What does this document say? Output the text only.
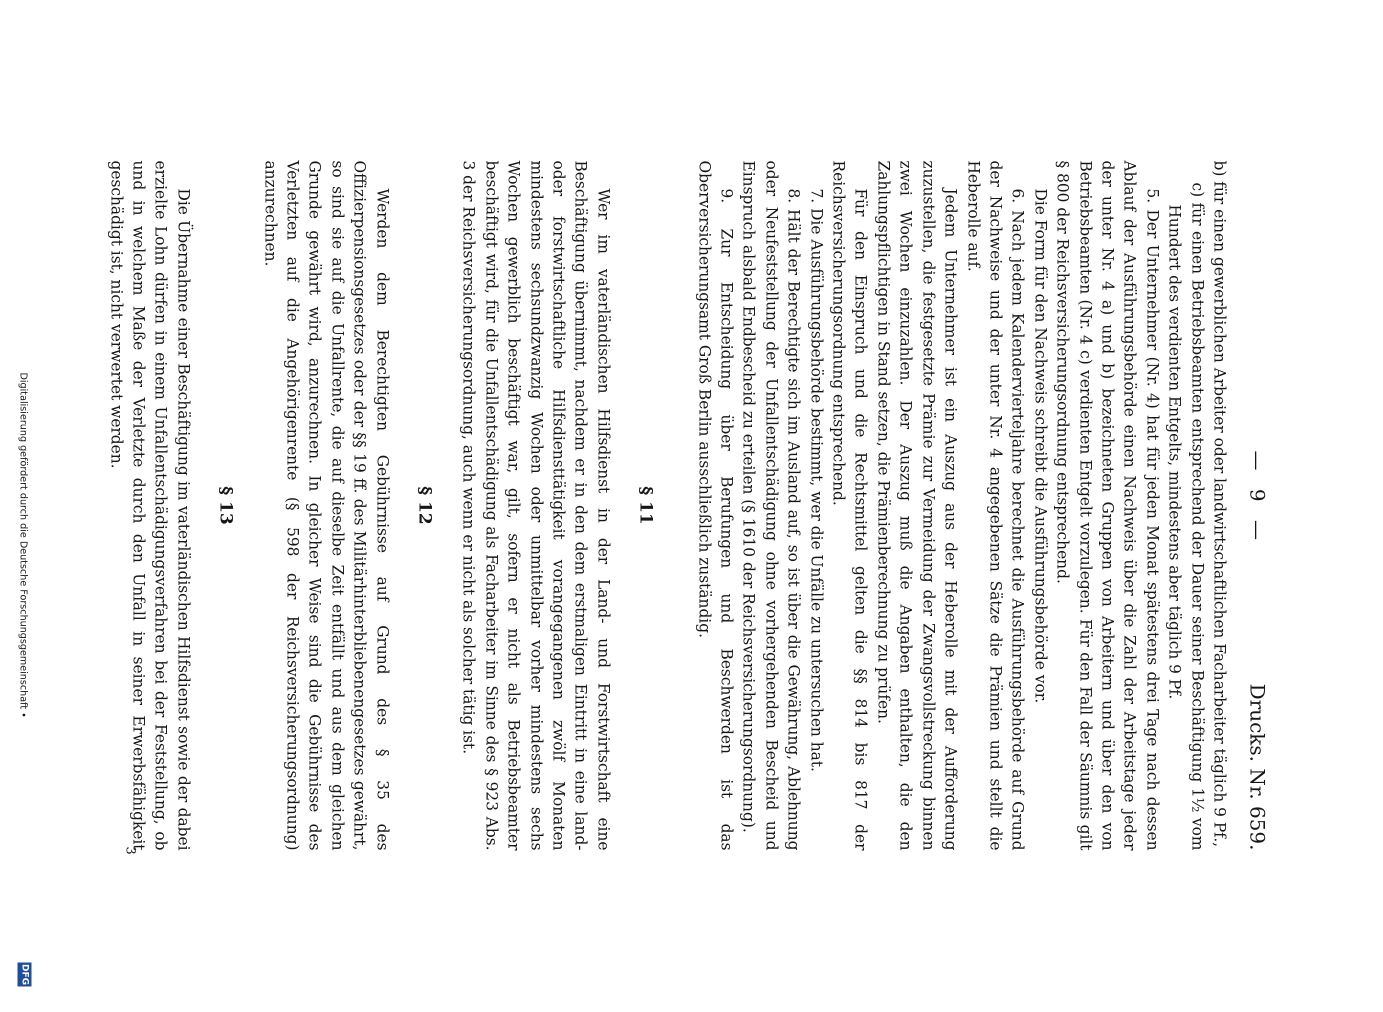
— 9 —
Drucks. Nr. 659.

b) für einen gewerblichen Arbeiter oder landwirtschaftlichen Facharbeiter täglich 9 Pf.,

c) für einen Betriebsbeamten entsprechend der Dauer seiner Beschäftigung 1½ vom Hundert des verdienten Entgelts, mindestens aber täglich 9 Pf.

5. Der Unternehmer (Nr. 4) hat für jeden Monat spätestens drei Tage nach dessen Ablauf der Ausführungsbehörde einen Nachweis über die Zahl der Arbeitstage jeder der unter Nr. 4 a) und b) bezeichneten Gruppen von Arbeitern und über den von Betriebsbeamten (Nr. 4 c) verdienten Entgelt vorzulegen. Für den Fall der Säumnis gilt § 800 der Reichsversicherungsordnung entsprechend.

Die Form für den Nachweis schreibt die Ausführungsbehörde vor.

6. Nach jedem Kalendervierteljahre berechnet die Ausführungsbehörde auf Grund der Nachweise und der unter Nr. 4 angegebenen Sätze die Prämien und stellt die Heberolle auf.

Jedem Unternehmer ist ein Auszug aus der Heberolle mit der Aufforderung zuzustellen, die festgesetzte Prämie zur Vermeidung der Zwangsvollstreckung binnen zwei Wochen einzuzahlen. Der Auszug muß die Angaben enthalten, die den Zahlungspflichtigen in Stand setzen, die Prämienberechnung zu prüfen.

Für den Einspruch und die Rechtsmittel gelten die §§ 814 bis 817 der Reichsversicherungsordnung entsprechend.

7. Die Ausführungsbehörde bestimmt, wer die Unfälle zu untersuchen hat.

8. Hält der Berechtigte sich im Ausland auf, so ist über die Gewährung, Ablehnung oder Neufeststellung der Unfallentschädigung ohne vorhergehenden Bescheid und Einspruch alsbald Endbescheid zu erteilen (§ 1610 der Reichsversicherungsordnung).

9. Zur Entscheidung über Berufungen und Beschwerden ist das Oberversicherungsamt Groß Berlin ausschließlich zuständig.

§ 11

Wer im vaterländischen Hilfsdienst in der Land- und Forstwirtschaft eine Beschäftigung übernimmt, nachdem er in den dem erstmaligen Eintritt in eine land- oder forstwirtschaftliche Hilfsdiensttätigkeit vorangegangenen zwölf Monaten mindestens sechsundzwanzig Wochen oder unmittelbar vorher mindestens sechs Wochen gewerblich beschäftigt war, gilt, sofern er nicht als Betriebsbeamter beschäftigt wird, für die Unfallentschädigung als Facharbeiter im Sinne des § 923 Abs. 3 der Reichsversicherungsordnung, auch wenn er nicht als solcher tätig ist.

§ 12

Werden dem Berechtigten Gebührnisse auf Grund des § 35 des Offizierpensionsgesetzes oder der §§ 19 ff. des Militärhinterbliebenengesetzes gewährt, so sind sie auf die Unfallrente, die auf dieselbe Zeit entfällt und aus dem gleichen Grunde gewährt wird, anzurechnen. In gleicher Weise sind die Gebührnisse des Verletzten auf die Angehörigenrente (§ 598 der Reichsversicherungsordnung) anzurechnen.

§ 13

Die Übernahme einer Beschäftigung im vaterländischen Hilfsdienst sowie der dabei erzielte Lohn dürfen in einem Unfallentschädigungsverfahren bei der Feststellung, ob und in welchem Maße der Verletzte durch den Unfall in seiner Erwerbsfähigkeit geschädigt ist, nicht verwertet werden.

3
Digitalisierung gefördert durch die Deutsche Forschungsgemeinschaft •
DFG
